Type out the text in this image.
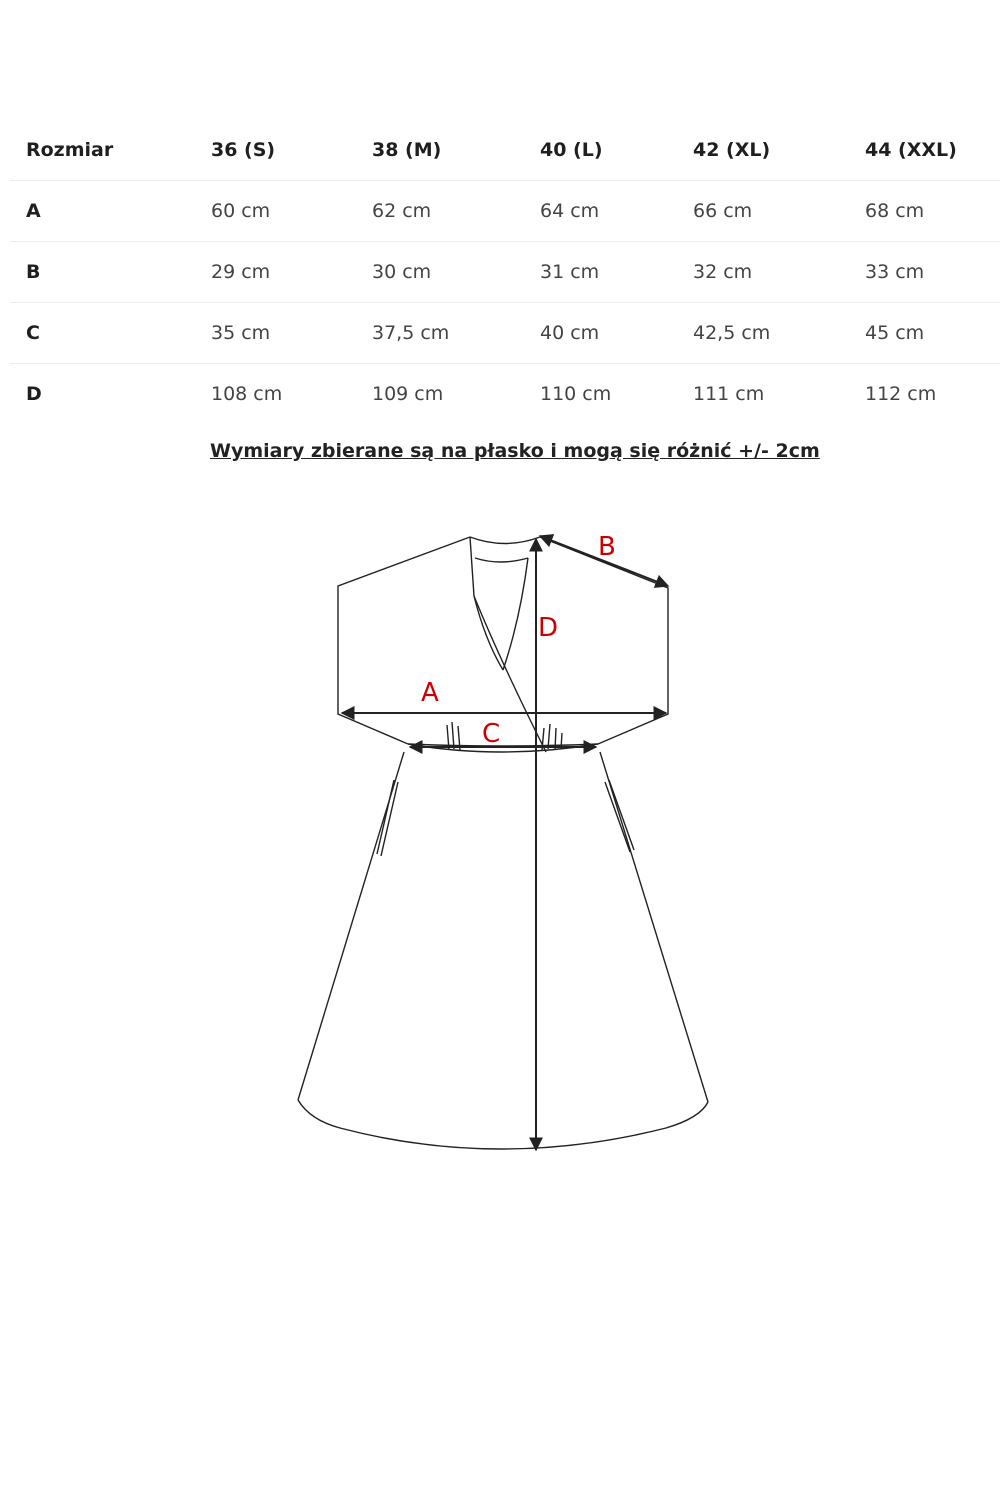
Rozmiar	36 (S)	38 (M)	40 (L)	42 (XL)	44 (XXL)
A	60 cm	62 cm	64 cm	66 cm	68 cm
B	29 cm	30 cm	31 cm	32 cm	33 cm
C	35 cm	37,5 cm	40 cm	42,5 cm	45 cm
D	108 cm	109 cm	110 cm	111 cm	112 cm
Wymiary zbierane są na płasko i mogą się różnić +/- 2cm
A
B
C
D
